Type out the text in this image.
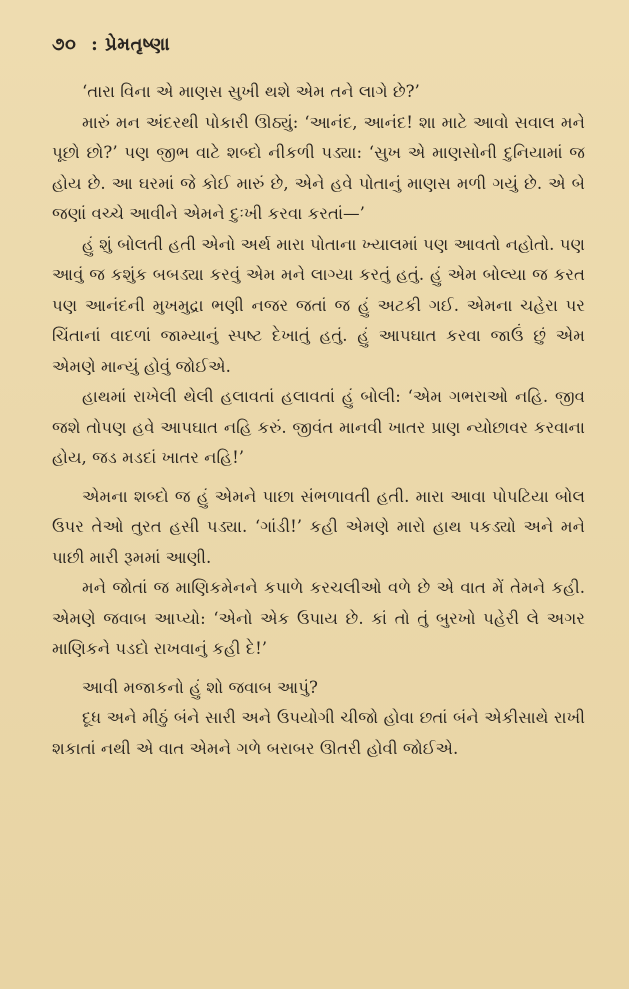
૭૦ : પ્રેમતૃષ્ણા

‘તારા વિના એ માણસ સુખી થશે એમ તને લાગે છે?’

મારું મન અંદરથી પોકારી ઊઠ્યું: ‘આનંદ, આનંદ! શા માટે આવો સવાલ મને પૂછો છો?’ પણ જીભ વાટે શબ્દો નીકળી પડ્યા: ‘સુખ એ માણસોની દુનિયામાં જ હોય છે. આ ઘરમાં જે કોઈ મારું છે, એને હવે પોતાનું માણસ મળી ગયું છે. એ બે જણાં વચ્ચે આવીને એમને દુઃખી કરવા કરતાં—’

હું શું બોલતી હતી એનો અર્થ મારા પોતાના ખ્યાલમાં પણ આવતો નહોતો. પણ આવું જ કશુંક બબડ્યા કરવું એમ મને લાગ્યા કરતું હતું. હું એમ બોલ્યા જ કરત પણ આનંદની મુખમુદ્રા ભણી નજર જતાં જ હું અટકી ગઈ. એમના ચહેરા પર ચિંતાનાં વાદળાં જામ્યાનું સ્પષ્ટ દેખાતું હતું. હું આપઘાત કરવા જાઉં છું એમ એમણે માન્યું હોવું જોઈએ.

હાથમાં રાખેલી થેલી હલાવતાં હલાવતાં હું બોલી: ‘એમ ગભરાઓ નહિ. જીવ જશે તોપણ હવે આપઘાત નહિ કરું. જીવંત માનવી ખાતર પ્રાણ ન્યોછાવર કરવાના હોય, જડ મડદાં ખાતર નહિ!’

એમના શબ્દો જ હું એમને પાછા સંભળાવતી હતી. મારા આવા પોપટિયા બોલ ઉપર તેઓ તુરત હસી પડ્યા. ‘ગાંડી!’ કહી એમણે મારો હાથ પકડ્યો અને મને પાછી મારી રૂમમાં આણી.

મને જોતાં જ માણિકમેનને કપાળે કરચલીઓ વળે છે એ વાત મેં તેમને કહી. એમણે જવાબ આપ્યો: ‘એનો એક ઉપાય છે. કાં તો તું બુરખો પહેરી લે અગર માણિકને પડદો રાખવાનું કહી દે!’

આવી મજાકનો હું શો જવાબ આપું?

દૂધ અને મીઠું બંને સારી અને ઉપયોગી ચીજો હોવા છતાં બંને એકીસાથે રાખી શકાતાં નથી એ વાત એમને ગળે બરાબર ઊતરી હોવી જોઈએ.
